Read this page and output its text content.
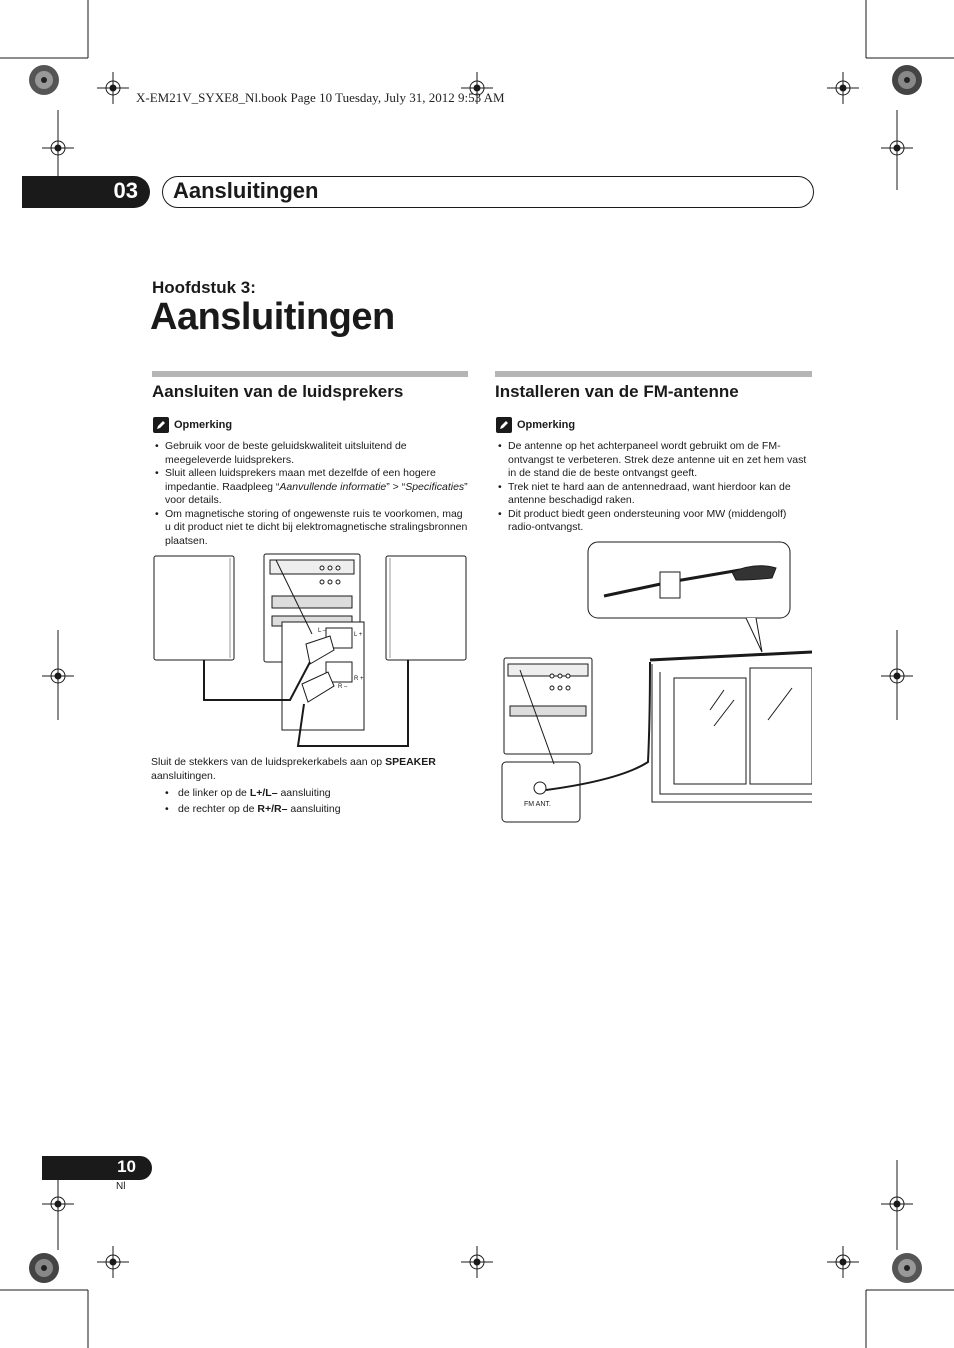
X-EM21V_SYXE8_Nl.book Page 10 Tuesday, July 31, 2012 9:53 AM
03 Aansluitingen
Hoofdstuk 3:
Aansluitingen
Aansluiten van de luidsprekers
Opmerking
• Gebruik voor de beste geluidskwaliteit uitsluitend de meegeleverde luidsprekers.
• Sluit alleen luidsprekers maan met dezelfde of een hogere impedantie. Raadpleeg “Aanvullende informatie” > “Specificaties” voor details.
• Om magnetische storing of ongewenste ruis te voorkomen, mag u dit product niet te dicht bij elektromagnetische stralingsbronnen plaatsen.
L +
L –
R +
R –
Sluit de stekkers van de luidsprekerkabels aan op SPEAKER aansluitingen.
• de linker op de L+/L– aansluiting
• de rechter op de R+/R– aansluiting
Installeren van de FM-antenne
Opmerking
• De antenne op het achterpaneel wordt gebruikt om de FM-ontvangst te verbeteren. Strek deze antenne uit en zet hem vast in de stand die de beste ontvangst geeft.
• Trek niet te hard aan de antennedraad, want hierdoor kan de antenne beschadigd raken.
• Dit product biedt geen ondersteuning voor MW (middengolf) radio-ontvangst.
FM ANT.
10
Nl
